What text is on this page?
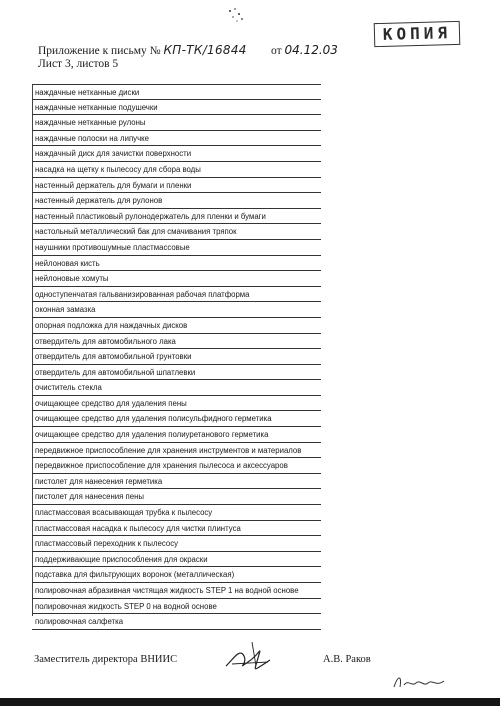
КОПИЯ
Приложение к письму № КП-ТК/16844 от 04.12.03
Лист 3, листов 5
наждачные нетканные диски
наждачные нетканные подушечки
наждачные нетканные рулоны
наждачные полоски на липучке
наждачный диск для зачистки поверхности
насадка на щетку к пылесосу для сбора воды
настенный держатель для бумаги и пленки
настенный держатель для рулонов
настенный пластиковый рулонодержатель для пленки и бумаги
настольный металлический бак для смачивания тряпок
наушники противошумные пластмассовые
нейлоновая кисть
нейлоновые хомуты
одноступенчатая гальванизированная рабочая платформа
оконная замазка
опорная подложка для наждачных дисков
отвердитель для автомобильного лака
отвердитель для автомобильной грунтовки
отвердитель для автомобильной шпатлевки
очиститель стекла
очищающее средство для удаления пены
очищающее средство для удаления полисульфидного герметика
очищающее средство для удаления полиуретанового герметика
передвижное приспособление для хранения инструментов и материалов
передвижное приспособление для хранения пылесоса и аксессуаров
пистолет для нанесения герметика
пистолет для нанесения пены
пластмассовая всасывающая трубка к пылесосу
пластмассовая насадка к пылесосу для чистки плинтуса
пластмассовый переходник к пылесосу
поддерживающие приспособления для окраски
подставка для фильтрующих воронок (металлическая)
полировочная абразивная чистящая жидкость STEP 1 на водной основе
полировочная жидкость STEP 0 на водной основе
полировочная салфетка
Заместитель директора ВНИИС	А.В. Раков
